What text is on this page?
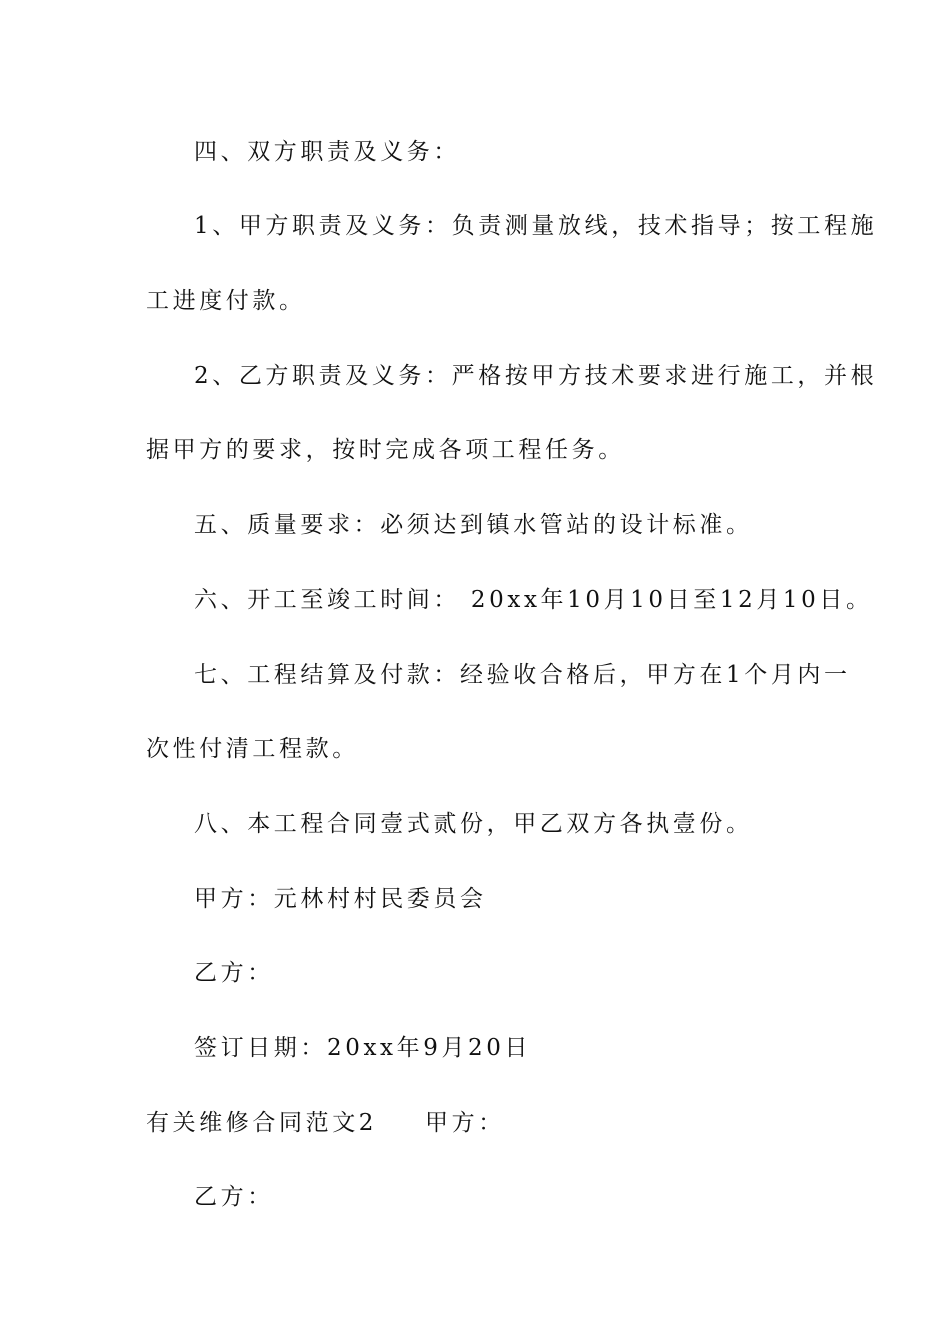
四、双方职责及义务：
1、甲方职责及义务：负责测量放线，技术指导；按工程施
工进度付款。
2、乙方职责及义务：严格按甲方技术要求进行施工，并根
据甲方的要求，按时完成各项工程任务。
五、质量要求：必须达到镇水管站的设计标准。
六、开工至竣工时间： 20xx年10月10日至12月10日。
七、工程结算及付款：经验收合格后，甲方在1个月内一
次性付清工程款。
八、本工程合同壹式贰份，甲乙双方各执壹份。
甲方：元林村村民委员会
乙方：
签订日期：20xx年9月20日
有关维修合同范文2 甲方：
乙方：
